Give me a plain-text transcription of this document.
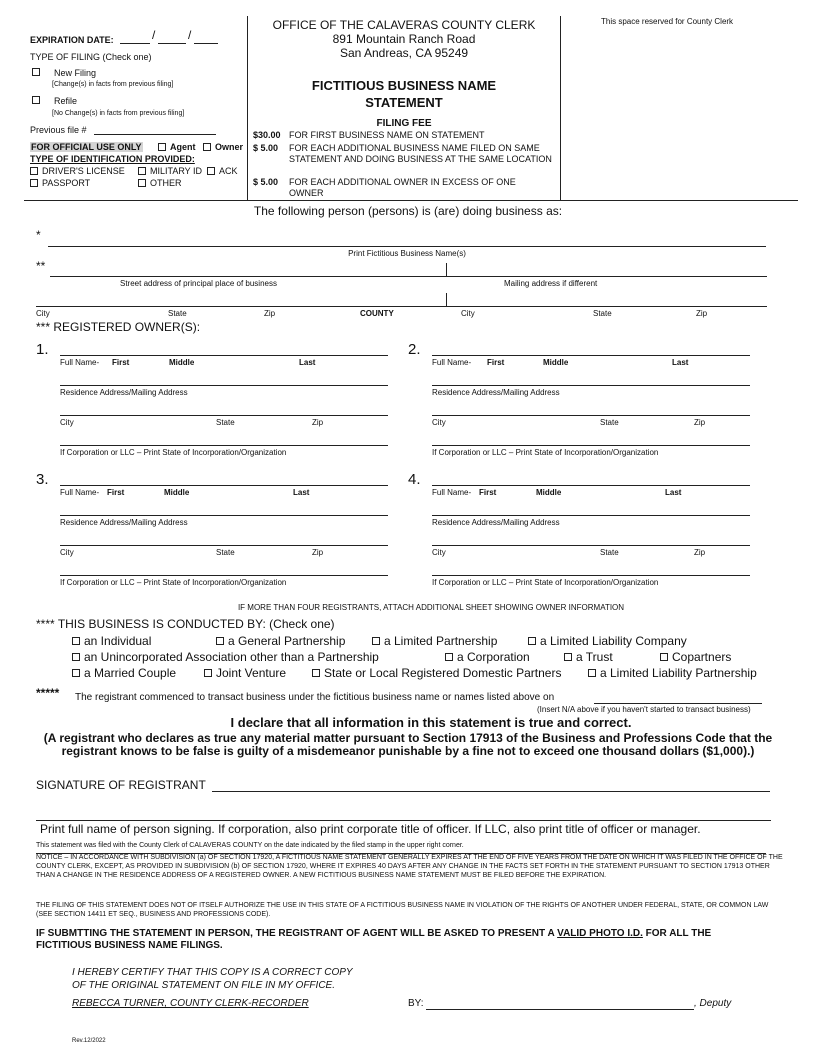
EXPIRATION DATE:	/	/
TYPE OF FILING (Check one)
New Filing
[Change(s) in facts from previous filing]
Refile
[No Change(s) in facts from previous filing]
Previous file #
FOR OFFICIAL USE ONLY	Agent Owner
TYPE OF IDENTIFICATION PROVIDED:
DRIVER'S LICENSE	MILITARY ID ACK
PASSPORT	OTHER
OFFICE OF THE CALAVERAS COUNTY CLERK
891 Mountain Ranch Road
San Andreas, CA 95249
FICTITIOUS BUSINESS NAME
STATEMENT
FILING FEE
$30.00 FOR FIRST BUSINESS NAME ON STATEMENT
$ 5.00 FOR EACH ADDITIONAL BUSINESS NAME FILED ON SAME STATEMENT AND DOING BUSINESS AT THE SAME LOCATION
$ 5.00 FOR EACH ADDITIONAL OWNER IN EXCESS OF ONE OWNER
This space reserved for County Clerk
The following person (persons) is (are) doing business as:
*
Print Fictitious Business Name(s)
**
Street address of principal place of business	Mailing address if different
City	State	Zip	COUNTY	City	State	Zip
*** REGISTERED OWNER(S):
1.
Full Name- First	Middle	Last
Residence Address/Mailing Address
City	State	Zip
If Corporation or LLC – Print State of Incorporation/Organization
2.
Full Name- First	Middle	Last
Residence Address/Mailing Address
City	State	Zip
If Corporation or LLC – Print State of Incorporation/Organization
3.
Full Name- First	Middle	Last
Residence Address/Mailing Address
City	State	Zip
If Corporation or LLC – Print State of Incorporation/Organization
4.
Full Name- First	Middle	Last
Residence Address/Mailing Address
City	State	Zip
If Corporation or LLC – Print State of Incorporation/Organization
IF MORE THAN FOUR REGISTRANTS, ATTACH ADDITIONAL SHEET SHOWING OWNER INFORMATION
**** THIS BUSINESS IS CONDUCTED BY: (Check one)
an Individual	a General Partnership	a Limited Partnership	a Limited Liability Company
an Unincorporated Association other than a Partnership	a Corporation	a Trust	Copartners
a Married Couple	Joint Venture	State or Local Registered Domestic Partners	a Limited Liability Partnership
***** The registrant commenced to transact business under the fictitious business name or names listed above on
(Insert N/A above if you haven't started to transact business)
I declare that all information in this statement is true and correct.
(A registrant who declares as true any material matter pursuant to Section 17913 of the Business and Professions Code that the
registrant knows to be false is guilty of a misdemeanor punishable by a fine not to exceed one thousand dollars ($1,000).)
SIGNATURE OF REGISTRANT
Print full name of person signing. If corporation, also print corporate title of officer. If LLC, also print title of officer or manager.
This statement was filed with the County Clerk of CALAVERAS COUNTY on the date indicated by the filed stamp in the upper right corner.
NOTICE – IN ACCORDANCE WITH SUBDIVISION (a) OF SECTION 17920, A FICTITIOUS NAME STATEMENT GENERALLY EXPIRES AT THE END OF FIVE YEARS FROM THE DATE ON WHICH IT WAS FILED IN THE OFFICE OF THE COUNTY CLERK, EXCEPT, AS PROVIDED IN SUBDIVISION (b) OF SECTION 17920, WHERE IT EXPIRES 40 DAYS AFTER ANY CHANGE IN THE FACTS SET FORTH IN THE STATEMENT PURSUANT TO SECTION 17913 OTHER THAN A CHANGE IN THE RESIDENCE ADDRESS OF A REGISTERED OWNER. A NEW FICTITIOUS BUSINESS NAME STATEMENT MUST BE FILED BEFORE THE EXPIRATION.
THE FILING OF THIS STATEMENT DOES NOT OF ITSELF AUTHORIZE THE USE IN THIS STATE OF A FICTITIOUS BUSINESS NAME IN VIOLATION OF THE RIGHTS OF ANOTHER UNDER FEDERAL, STATE, OR COMMON LAW (SEE SECTION 14411 ET SEQ., BUSINESS AND PROFESSIONS CODE).
IF SUBMTTING THE STATEMENT IN PERSON, THE REGISTRANT OF AGENT WILL BE ASKED TO PRESENT A VALID PHOTO I.D. FOR ALL THE
FICTITIOUS BUSINESS NAME FILINGS.
I HEREBY CERTIFY THAT THIS COPY IS A CORRECT COPY
OF THE ORIGINAL STATEMENT ON FILE IN MY OFFICE.
REBECCA TURNER, COUNTY CLERK-RECORDER	BY:	, Deputy
Rev.12/2022
